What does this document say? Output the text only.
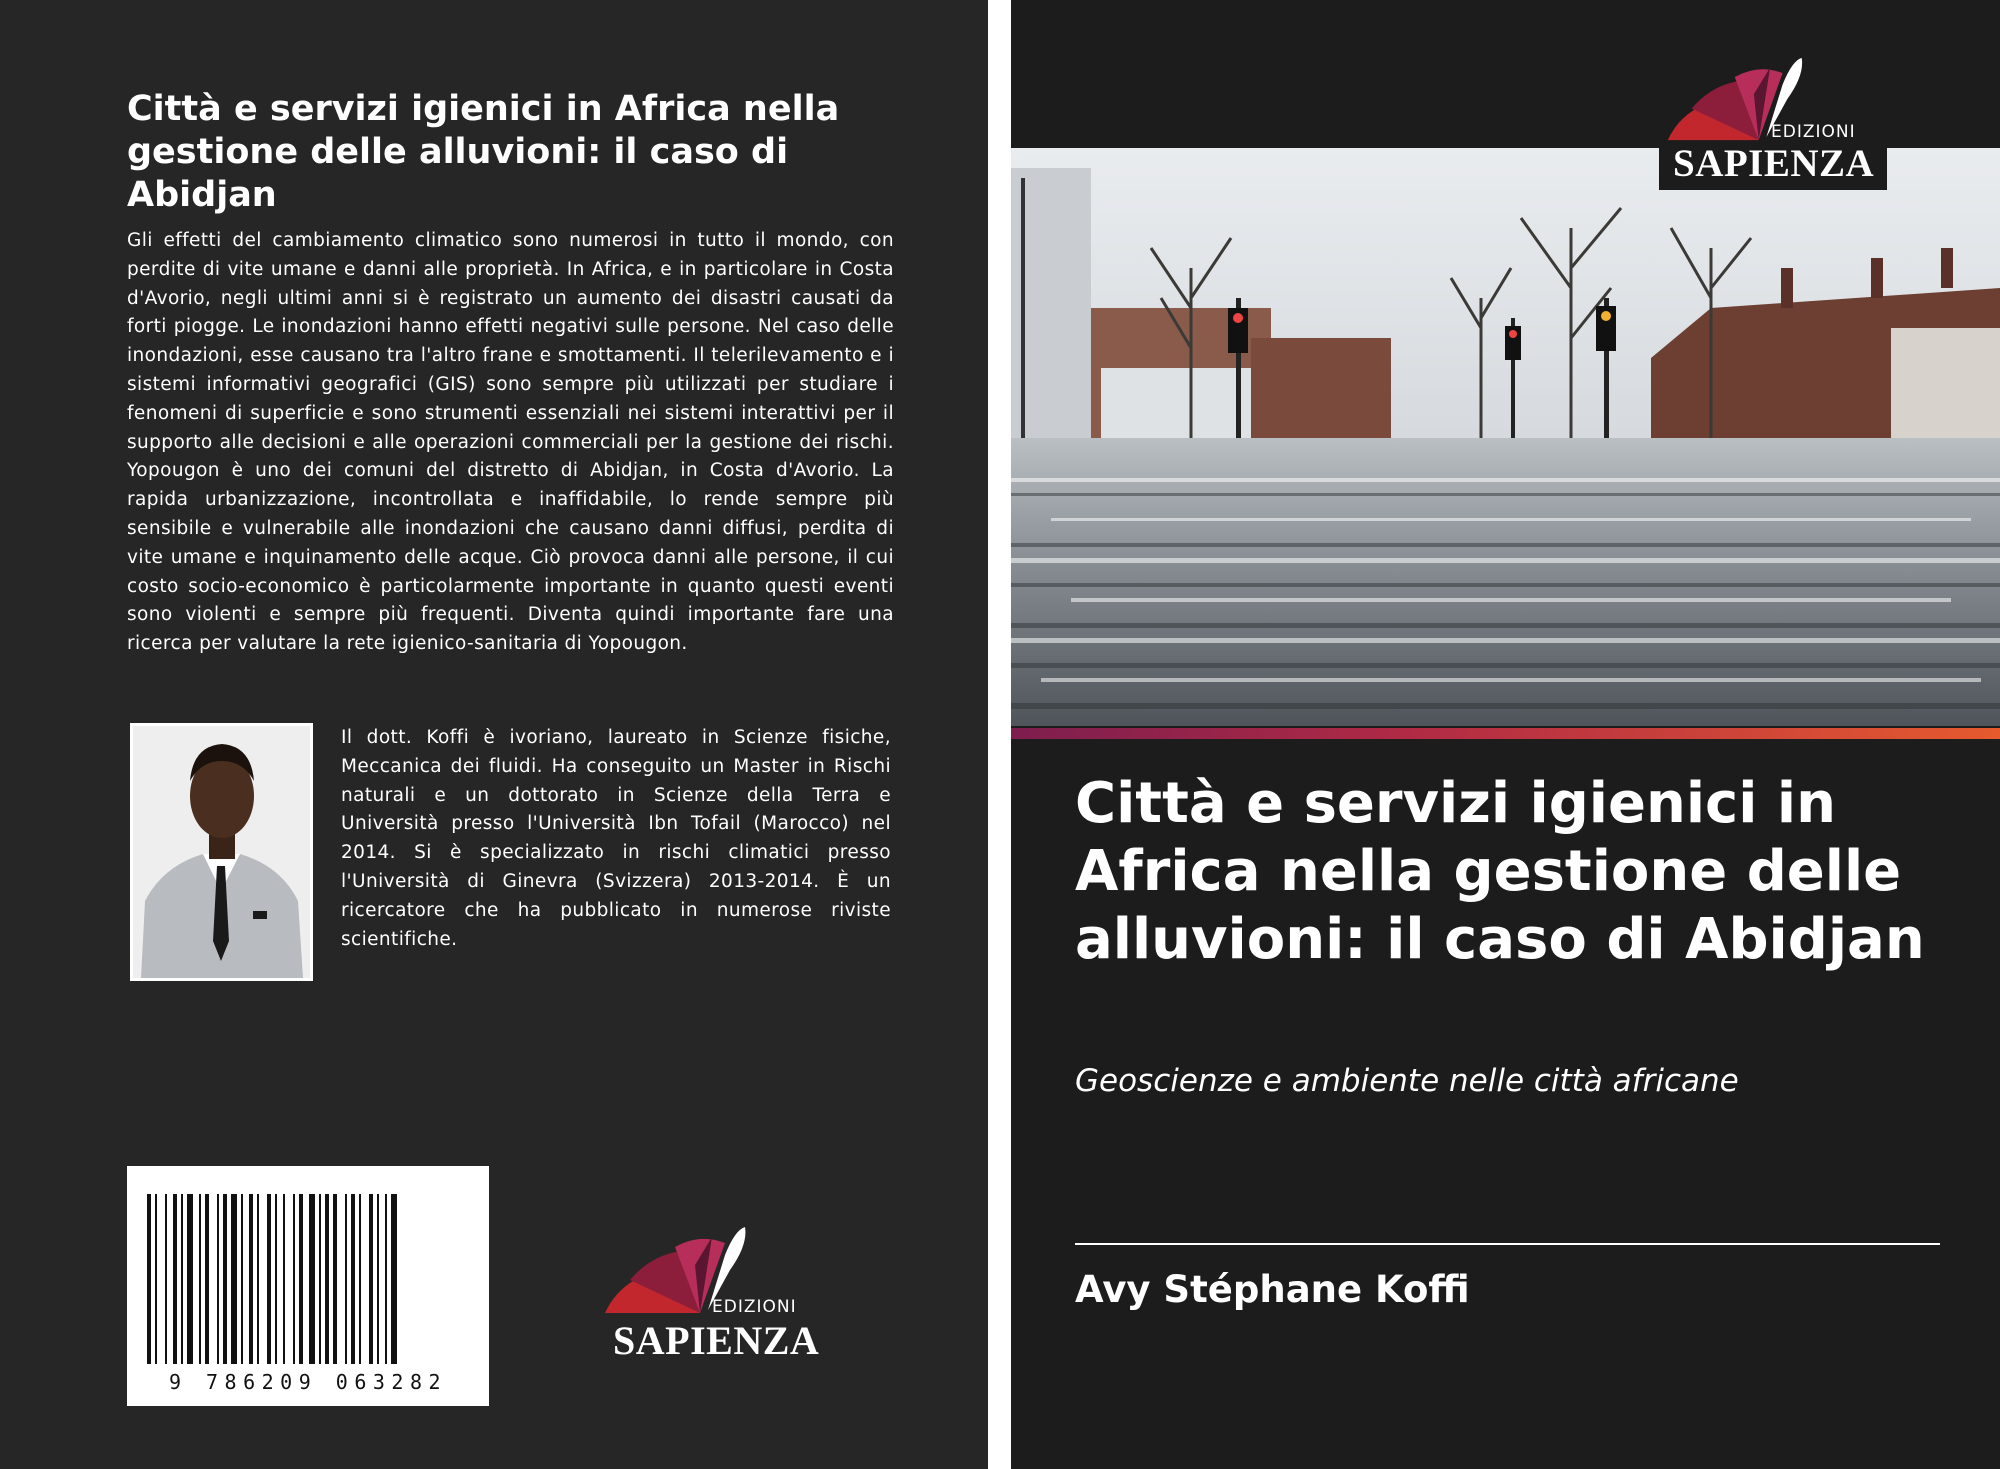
Città e servizi igienici in Africa nella gestione delle alluvioni: il caso di Abidjan

Gli effetti del cambiamento climatico sono numerosi in tutto il mondo, con perdite di vite umane e danni alle proprietà. In Africa, e in particolare in Costa d'Avorio, negli ultimi anni si è registrato un aumento dei disastri causati da forti piogge. Le inondazioni hanno effetti negativi sulle persone. Nel caso delle inondazioni, esse causano tra l'altro frane e smottamenti. Il telerilevamento e i sistemi informativi geografici (GIS) sono sempre più utilizzati per studiare i fenomeni di superficie e sono strumenti essenziali nei sistemi interattivi per il supporto alle decisioni e alle operazioni commerciali per la gestione dei rischi. Yopougon è uno dei comuni del distretto di Abidjan, in Costa d'Avorio. La rapida urbanizzazione, incontrollata e inaffidabile, lo rende sempre più sensibile e vulnerabile alle inondazioni che causano danni diffusi, perdita di vite umane e inquinamento delle acque. Ciò provoca danni alle persone, il cui costo socio-economico è particolarmente importante in quanto questi eventi sono violenti e sempre più frequenti. Diventa quindi importante fare una ricerca per valutare la rete igienico-sanitaria di Yopougon.

Il dott. Koffi è ivoriano, laureato in Scienze fisiche, Meccanica dei fluidi. Ha conseguito un Master in Rischi naturali e un dottorato in Scienze della Terra e Università presso l'Università Ibn Tofail (Marocco) nel 2014. Si è specializzato in rischi climatici presso l'Università di Ginevra (Svizzera) 2013-2014. È un ricercatore che ha pubblicato in numerose riviste scientifiche.

9 786209 063282
EDIZIONI
SAPIENZA
EDIZIONI
SAPIENZA
Città e servizi igienici in Africa nella gestione delle alluvioni: il caso di Abidjan

Geoscienze e ambiente nelle città africane

Avy Stéphane Koffi
